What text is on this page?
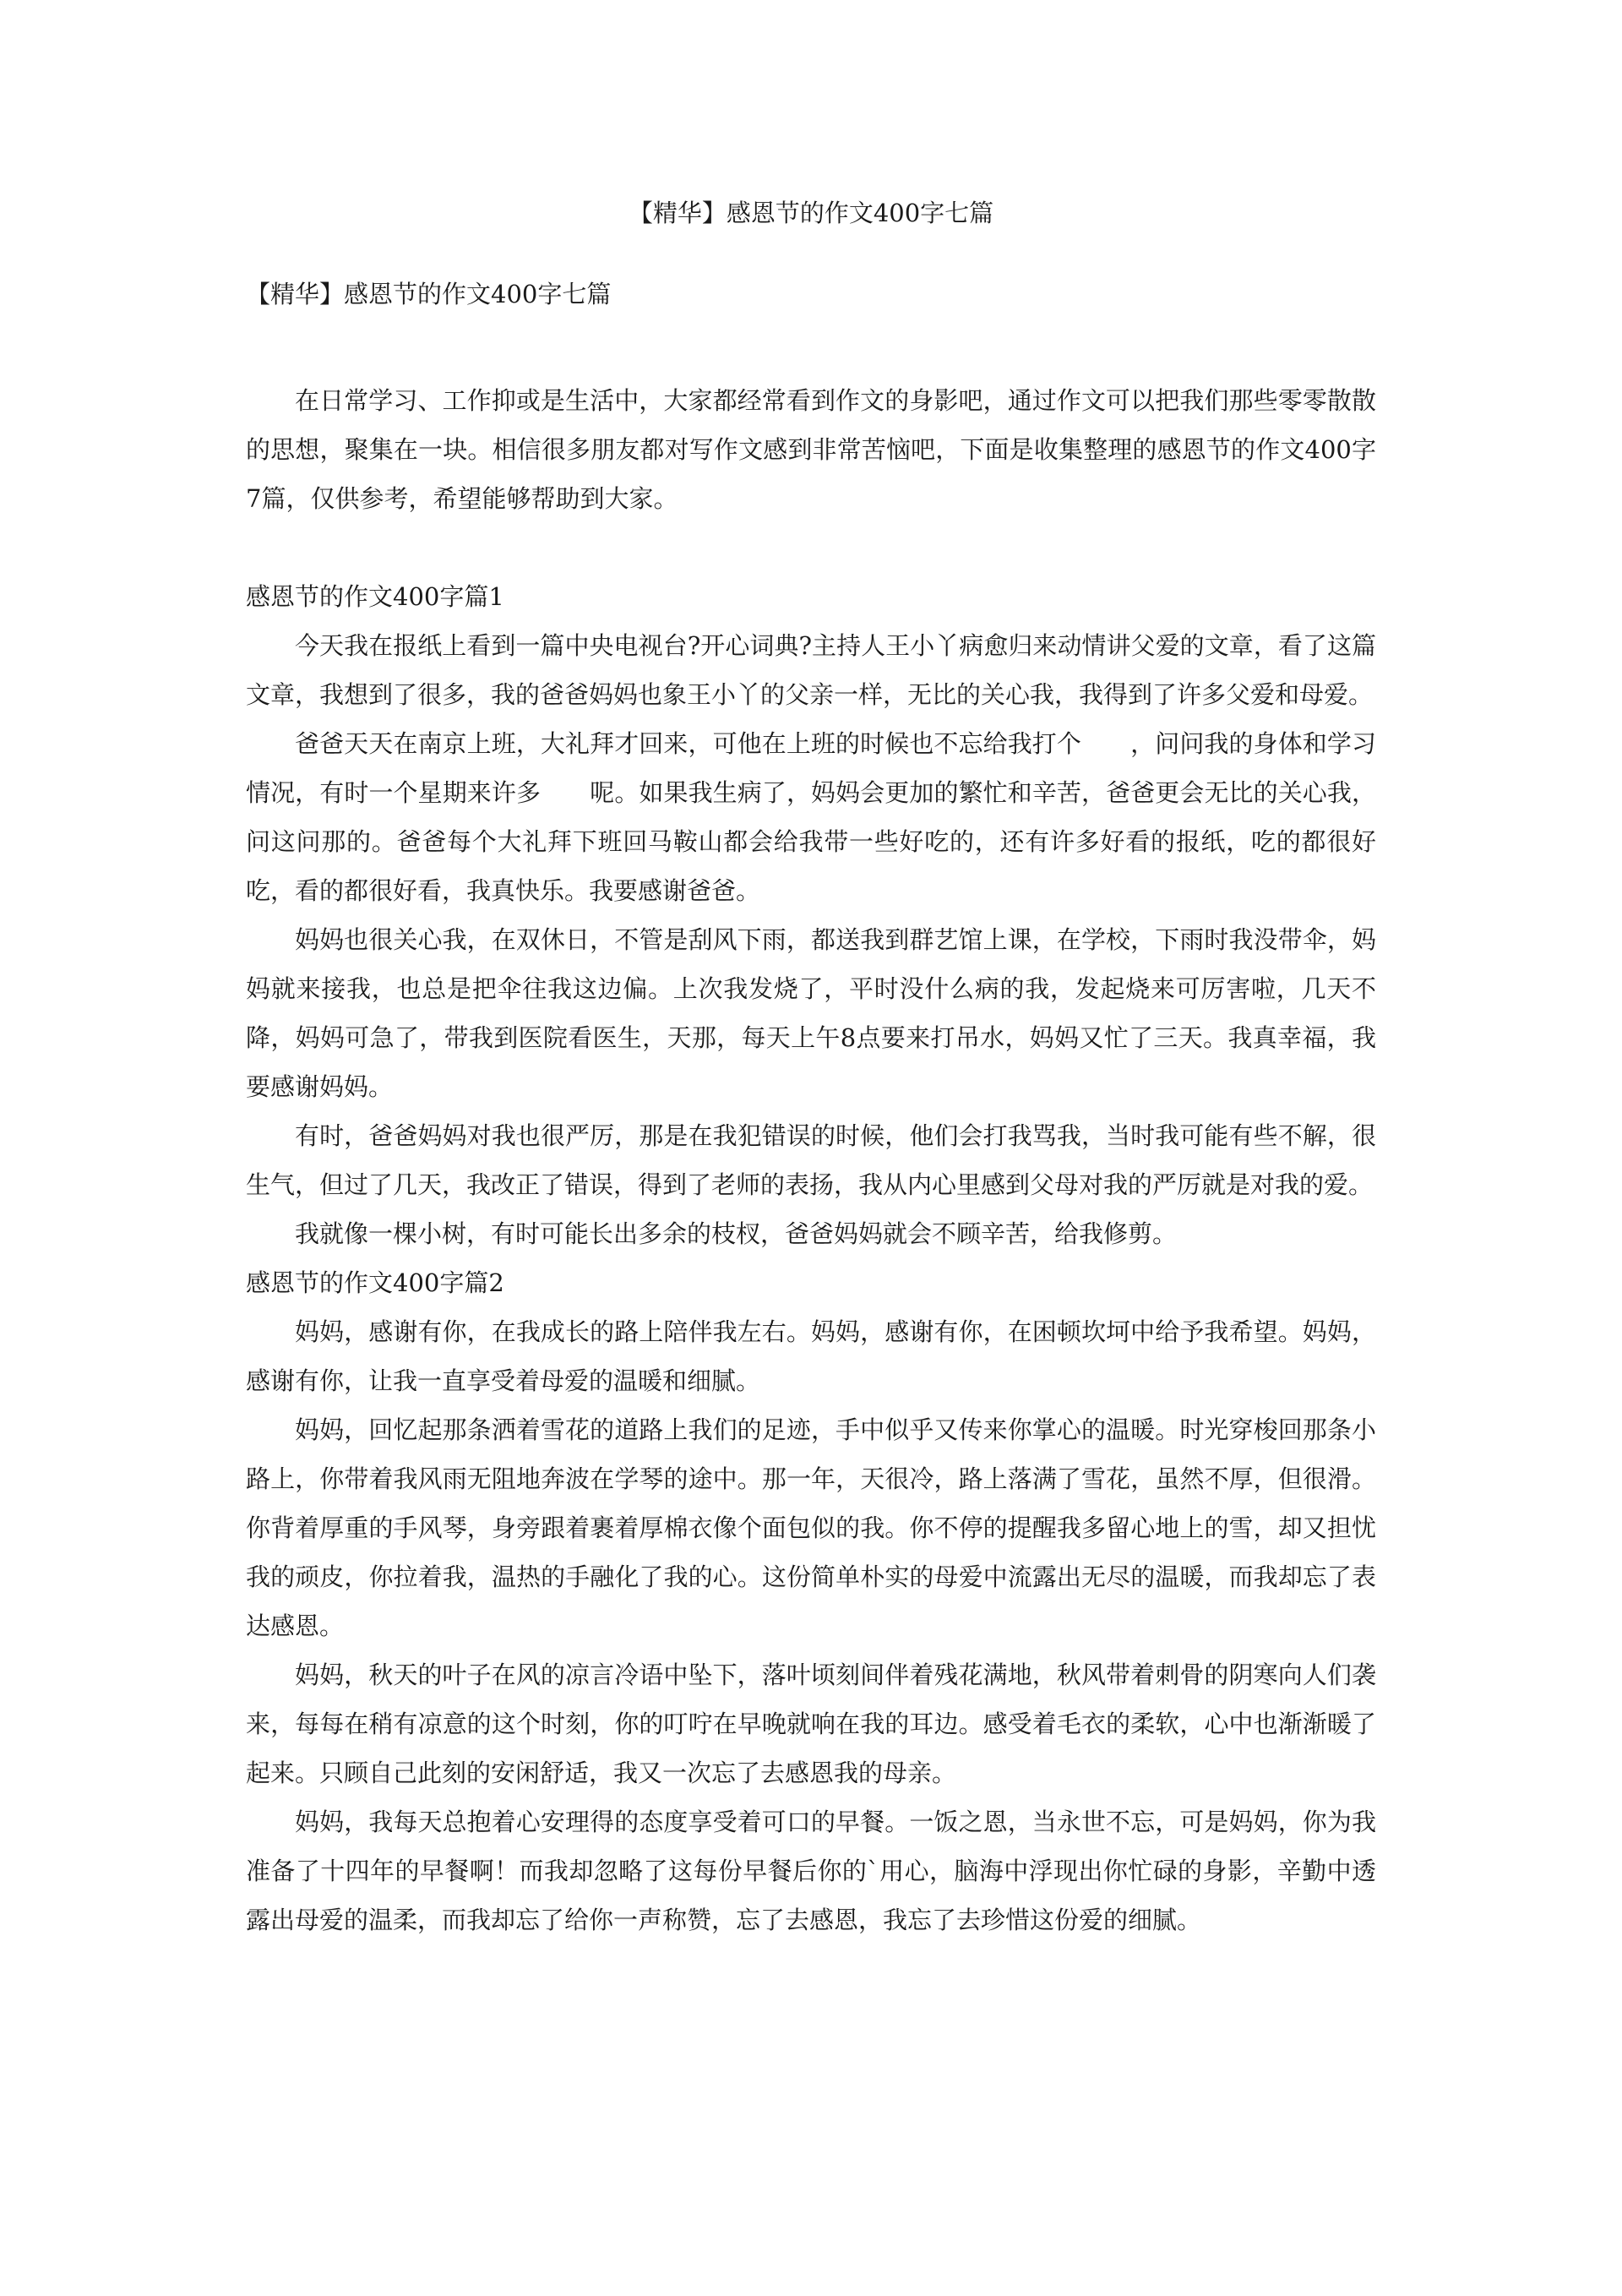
【精华】感恩节的作文400字七篇
【精华】感恩节的作文400字七篇

在日常学习、工作抑或是生活中，大家都经常看到作文的身影吧，通过作文可以把我们那些零零散散的思想，聚集在一块。相信很多朋友都对写作文感到非常苦恼吧，下面是收集整理的感恩节的作文400字7篇，仅供参考，希望能够帮助到大家。

感恩节的作文400字篇1

今天我在报纸上看到一篇中央电视台?开心词典?主持人王小丫病愈归来动情讲父爱的文章，看了这篇文章，我想到了很多，我的爸爸妈妈也象王小丫的父亲一样，无比的关心我，我得到了许多父爱和母爱。

爸爸天天在南京上班，大礼拜才回来，可他在上班的时候也不忘给我打个　　，问问我的身体和学习情况，有时一个星期来许多　　呢。如果我生病了，妈妈会更加的繁忙和辛苦，爸爸更会无比的关心我，问这问那的。爸爸每个大礼拜下班回马鞍山都会给我带一些好吃的，还有许多好看的报纸，吃的都很好吃，看的都很好看，我真快乐。我要感谢爸爸。

妈妈也很关心我，在双休日，不管是刮风下雨，都送我到群艺馆上课，在学校，下雨时我没带伞，妈妈就来接我，也总是把伞往我这边偏。上次我发烧了，平时没什么病的我，发起烧来可厉害啦，几天不降，妈妈可急了，带我到医院看医生，天那，每天上午8点要来打吊水，妈妈又忙了三天。我真幸福，我要感谢妈妈。

有时，爸爸妈妈对我也很严厉，那是在我犯错误的时候，他们会打我骂我，当时我可能有些不解，很生气，但过了几天，我改正了错误，得到了老师的表扬，我从内心里感到父母对我的严厉就是对我的爱。

我就像一棵小树，有时可能长出多余的枝杈，爸爸妈妈就会不顾辛苦，给我修剪。

感恩节的作文400字篇2

妈妈，感谢有你，在我成长的路上陪伴我左右。妈妈，感谢有你，在困顿坎坷中给予我希望。妈妈，感谢有你，让我一直享受着母爱的温暖和细腻。

妈妈，回忆起那条洒着雪花的道路上我们的足迹，手中似乎又传来你掌心的温暖。时光穿梭回那条小路上，你带着我风雨无阻地奔波在学琴的途中。那一年，天很冷，路上落满了雪花，虽然不厚，但很滑。你背着厚重的手风琴，身旁跟着裹着厚棉衣像个面包似的我。你不停的提醒我多留心地上的雪，却又担忧我的顽皮，你拉着我，温热的手融化了我的心。这份简单朴实的母爱中流露出无尽的温暖，而我却忘了表达感恩。

妈妈，秋天的叶子在风的凉言冷语中坠下，落叶顷刻间伴着残花满地，秋风带着刺骨的阴寒向人们袭来，每每在稍有凉意的这个时刻，你的叮咛在早晚就响在我的耳边。感受着毛衣的柔软，心中也渐渐暖了起来。只顾自己此刻的安闲舒适，我又一次忘了去感恩我的母亲。

妈妈，我每天总抱着心安理得的态度享受着可口的早餐。一饭之恩，当永世不忘，可是妈妈，你为我准备了十四年的早餐啊！而我却忽略了这每份早餐后你的`用心，脑海中浮现出你忙碌的身影，辛勤中透露出母爱的温柔，而我却忘了给你一声称赞，忘了去感恩，我忘了去珍惜这份爱的细腻。
